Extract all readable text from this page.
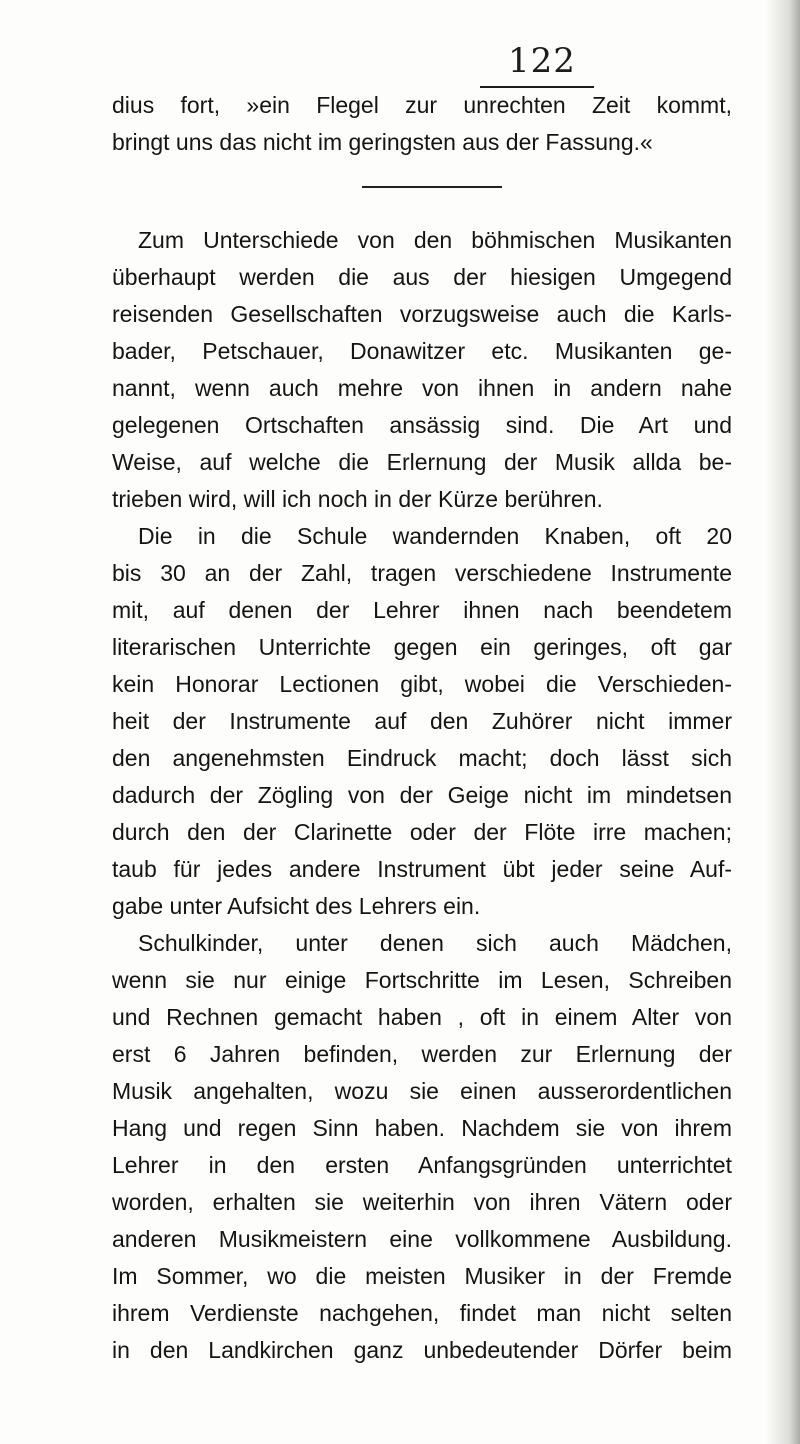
122
dius fort, »ein Flegel zur unrechten Zeit kommt,
bringt uns das nicht im geringsten aus der Fassung.«
Zum Unterschiede von den böhmischen Musikanten
überhaupt werden die aus der hiesigen Umgegend
reisenden Gesellschaften vorzugsweise auch die Karls-
bader, Petschauer, Donawitzer etc. Musikanten ge-
nannt, wenn auch mehre von ihnen in andern nahe
gelegenen Ortschaften ansässig sind. Die Art und
Weise, auf welche die Erlernung der Musik allda be-
trieben wird, will ich noch in der Kürze berühren.
Die in die Schule wandernden Knaben, oft 20
bis 30 an der Zahl, tragen verschiedene Instrumente
mit, auf denen der Lehrer ihnen nach beendetem
literarischen Unterrichte gegen ein geringes, oft gar
kein Honorar Lectionen gibt, wobei die Verschieden-
heit der Instrumente auf den Zuhörer nicht immer
den angenehmsten Eindruck macht; doch lässt sich
dadurch der Zögling von der Geige nicht im mindetsen
durch den der Clarinette oder der Flöte irre machen;
taub für jedes andere Instrument übt jeder seine Auf-
gabe unter Aufsicht des Lehrers ein.
Schulkinder, unter denen sich auch Mädchen,
wenn sie nur einige Fortschritte im Lesen, Schreiben
und Rechnen gemacht haben , oft in einem Alter von
erst 6 Jahren befinden, werden zur Erlernung der
Musik angehalten, wozu sie einen ausserordentlichen
Hang und regen Sinn haben. Nachdem sie von ihrem
Lehrer in den ersten Anfangsgründen unterrichtet
worden, erhalten sie weiterhin von ihren Vätern oder
anderen Musikmeistern eine vollkommene Ausbildung.
Im Sommer, wo die meisten Musiker in der Fremde
ihrem Verdienste nachgehen, findet man nicht selten
in den Landkirchen ganz unbedeutender Dörfer beim
